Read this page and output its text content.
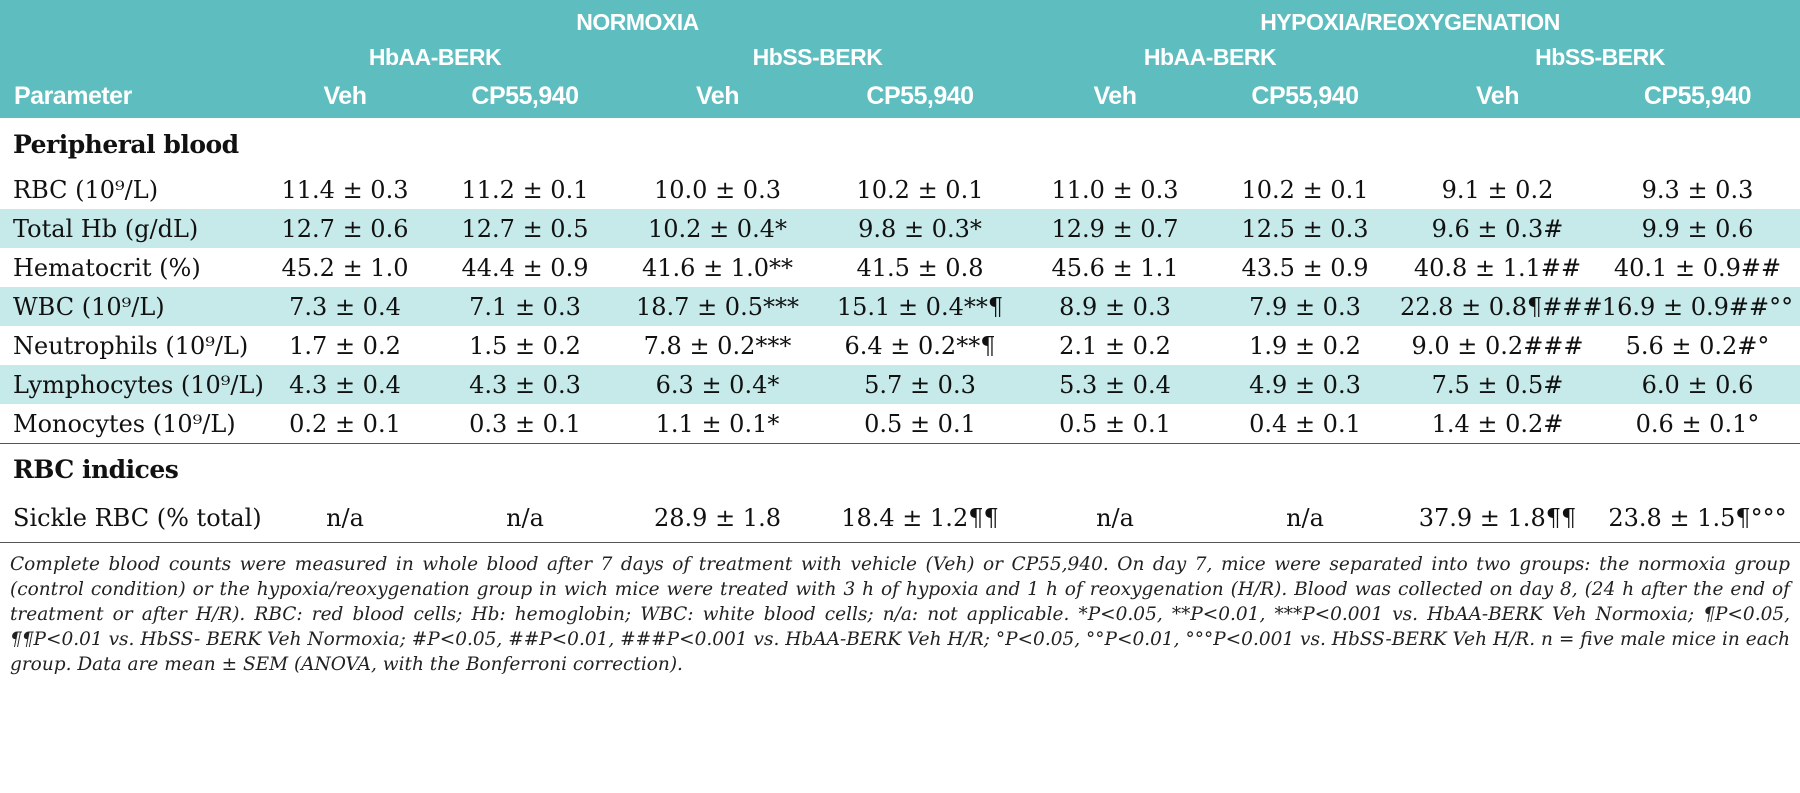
	NORMOXIA				HYPOXIA/REOXYGENATION			
	HbAA-BERK		HbSS-BERK		HbAA-BERK		HbSS-BERK	
Parameter	Veh	CP55,940	Veh	CP55,940	Veh	CP55,940	Veh	CP55,940
Peripheral blood								
RBC (10⁹/L)	11.4 ± 0.3	11.2 ± 0.1	10.0 ± 0.3	10.2 ± 0.1	11.0 ± 0.3	10.2 ± 0.1	9.1 ± 0.2	9.3 ± 0.3
Total Hb (g/dL)	12.7 ± 0.6	12.7 ± 0.5	10.2 ± 0.4*	9.8 ± 0.3*	12.9 ± 0.7	12.5 ± 0.3	9.6 ± 0.3#	9.9 ± 0.6
Hematocrit (%)	45.2 ± 1.0	44.4 ± 0.9	41.6 ± 1.0**	41.5 ± 0.8	45.6 ± 1.1	43.5 ± 0.9	40.8 ± 1.1##	40.1 ± 0.9##
WBC (10⁹/L)	7.3 ± 0.4	7.1 ± 0.3	18.7 ± 0.5***	15.1 ± 0.4**¶	8.9 ± 0.3	7.9 ± 0.3	22.8 ± 0.8¶###	16.9 ± 0.9##°°
Neutrophils (10⁹/L)	1.7 ± 0.2	1.5 ± 0.2	7.8 ± 0.2***	6.4 ± 0.2**¶	2.1 ± 0.2	1.9 ± 0.2	9.0 ± 0.2###	5.6 ± 0.2#°
Lymphocytes (10⁹/L)	4.3 ± 0.4	4.3 ± 0.3	6.3 ± 0.4*	5.7 ± 0.3	5.3 ± 0.4	4.9 ± 0.3	7.5 ± 0.5#	6.0 ± 0.6
Monocytes (10⁹/L)	0.2 ± 0.1	0.3 ± 0.1	1.1 ± 0.1*	0.5 ± 0.1	0.5 ± 0.1	0.4 ± 0.1	1.4 ± 0.2#	0.6 ± 0.1°
RBC indices								
Sickle RBC (% total)	n/a	n/a	28.9 ± 1.8	18.4 ± 1.2¶¶	n/a	n/a	37.9 ± 1.8¶¶	23.8 ± 1.5¶°°°

Complete blood counts were measured in whole blood after 7 days of treatment with vehicle (Veh) or CP55,940. On day 7, mice were separated into two groups: the normoxia group (control condition) or the hypoxia/reoxygenation group in wich mice were treated with 3 h of hypoxia and 1 h of reoxygenation (H/R). Blood was collected on day 8, (24 h after the end of treatment or after H/R). RBC: red blood cells; Hb: hemoglobin; WBC: white blood cells; n/a: not applicable. *P<0.05, **P<0.01, ***P<0.001 vs. HbAA-BERK Veh Normoxia; ¶P<0.05, ¶¶P<0.01 vs. HbSS- BERK Veh Normoxia; #P<0.05, ##P<0.01, ###P<0.001 vs. HbAA-BERK Veh H/R; °P<0.05, °°P<0.01, °°°P<0.001 vs. HbSS-BERK Veh H/R. n = five male mice in each group. Data are mean ± SEM (ANOVA, with the Bonferroni correction).
